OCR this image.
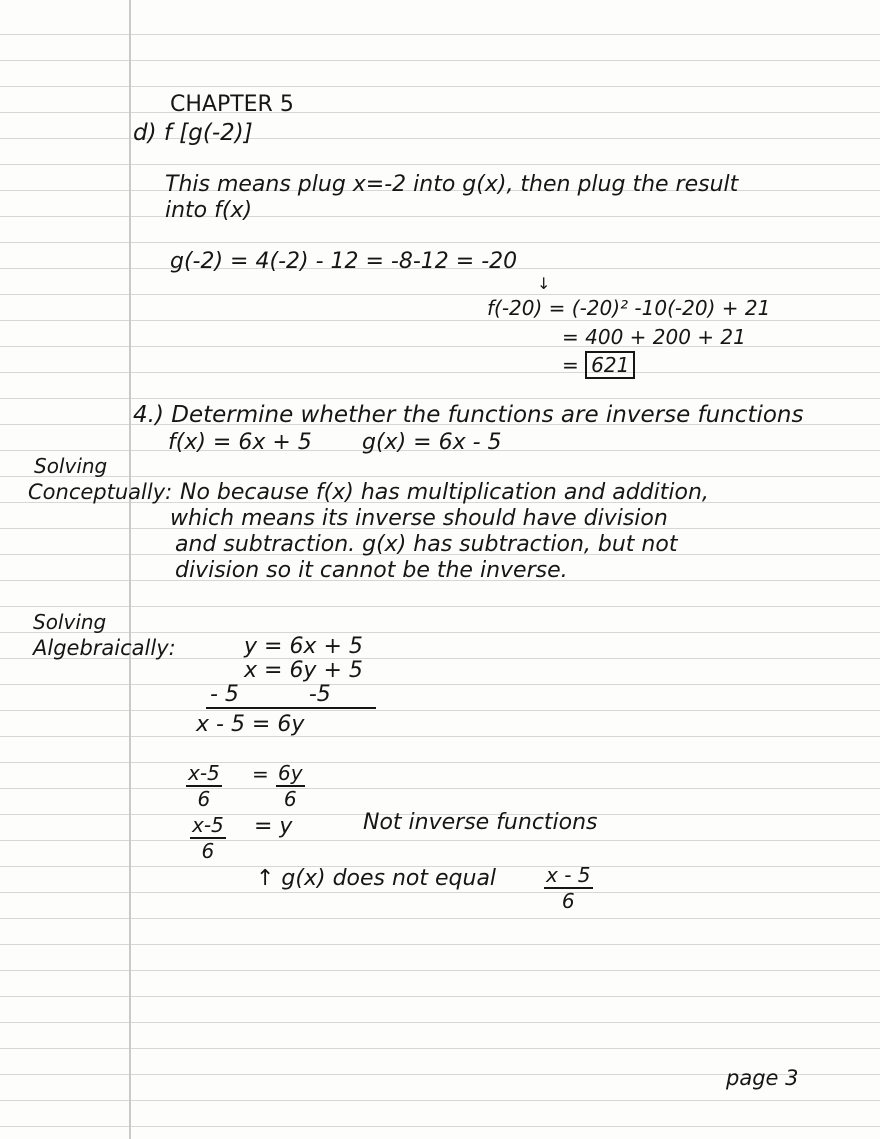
CHAPTER 5

d) f [g(-2)]

This means plug x=-2 into g(x), then plug the result

into f(x)

g(-2) = 4(-2) - 12 = -8-12 = -20

↓

f(-20) = (-20)² -10(-20) + 21

= 400 + 200 + 21

= 621

4.) Determine whether the functions are inverse functions

f(x) = 6x + 5 g(x) = 6x - 5

Solving

Conceptually: No because f(x) has multiplication and addition,

which means its inverse should have division

and subtraction. g(x) has subtraction, but not

division so it cannot be the inverse.

Solving

Algebraically:	y = 6x + 5

x = 6y + 5

- 5          -5

x - 5 = 6y

$\frac{x-5}{6} = \frac{6y}{6}$
$\frac{x-5}{6} = y$	Not inverse functions

↑ g(x) does not equal $\frac{x - 5}{6}$

page 3
